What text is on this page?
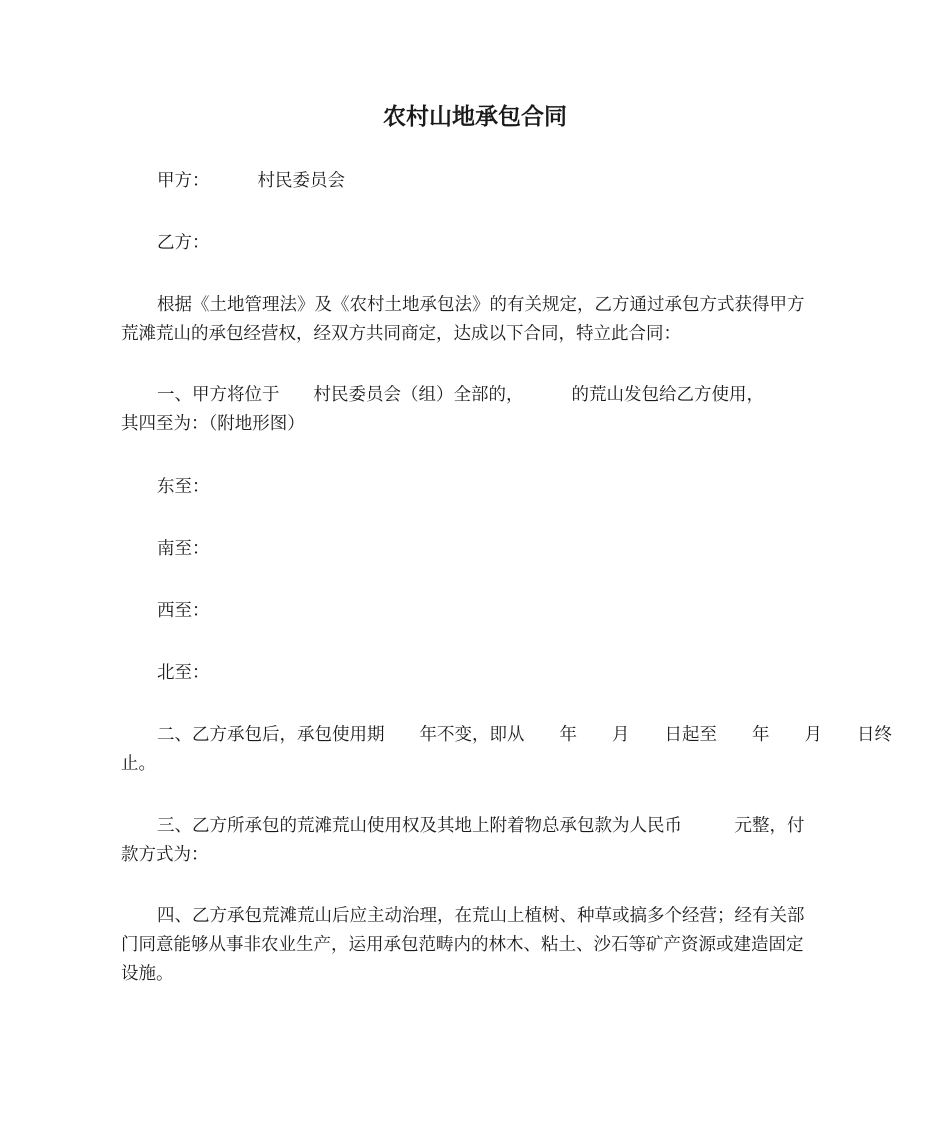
农村山地承包合同

甲方：	村民委员会

乙方：

根据《土地管理法》及《农村土地承包法》的有关规定，乙方通过承包方式获得甲方
荒滩荒山的承包经营权，经双方共同商定，达成以下合同，特立此合同：
一、甲方将位于 村民委员会（组）全部的，	的荒山发包给乙方使用，
其四至为：（附地形图）

东至：

南至：

西至：

北至：

二、乙方承包后，承包使用期　　年不变，即从　　年　　月　　日起至　　年　　月　　日终
止。
三、乙方所承包的荒滩荒山使用权及其地上附着物总承包款为人民币　　　元整，付
款方式为：
四、乙方承包荒滩荒山后应主动治理，在荒山上植树、种草或搞多个经营；经有关部
门同意能够从事非农业生产，运用承包范畴内的林木、粘土、沙石等矿产资源或建造固定
设施。
